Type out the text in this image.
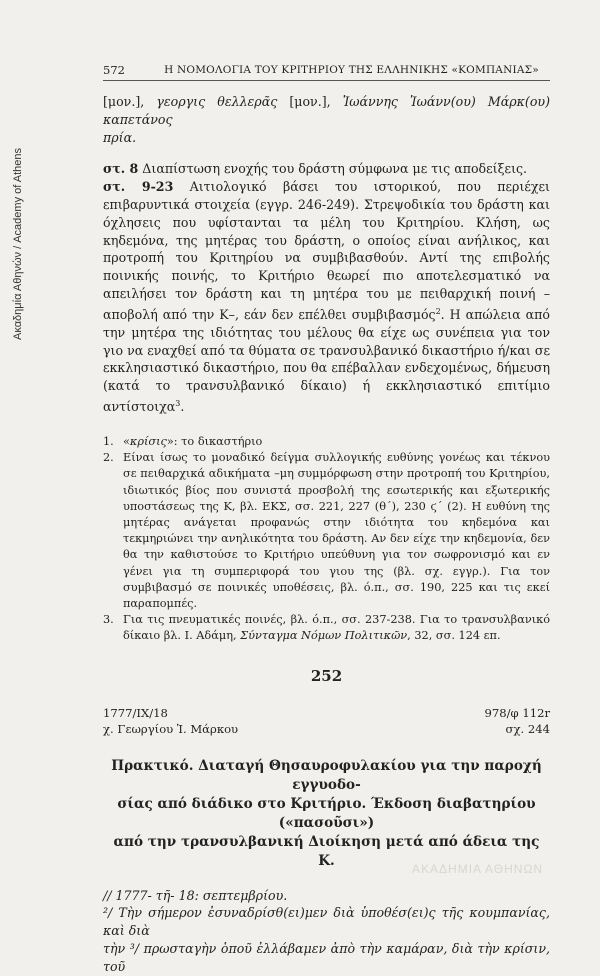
Ακαδημία Αθηνών / Academy of Athens
572	Η ΝΟΜΟΛΟΓΙΑ ΤΟΥ ΚΡΙΤΗΡΙΟΥ ΤΗΣ ΕΛΛΗΝΙΚΗΣ «ΚΟΜΠΑΝΙΑΣ»

[μον.], γεοργις θελλερᾶς [μον.], Ἰωάννης Ἰωάνν(ου) Μάρκ(ου) καπετάνος

πρία.

στ. 8 Διαπίστωση ενοχής του δράστη σύμφωνα με τις αποδείξεις.

στ. 9-23 Αιτιολογικό βάσει του ιστορικού, που περιέχει επιβαρυντικά στοιχεία (εγγρ. 246-249). Στρεψοδικία του δράστη και όχλησεις που υφίστανται τα μέλη του Κριτηρίου. Κλήση, ως κηδεμόνα, της μητέρας του δράστη, ο οποίος είναι ανήλικος, και προτροπή του Κριτηρίου να συμβιβασθούν. Αντί της επιβολής ποινικής ποινής, το Κριτήριο θεωρεί πιο αποτελεσματικό να απειλήσει τον δράστη και τη μητέρα του με πειθαρχική ποινή –αποβολή από την Κ–, εάν δεν επέλθει συμβιβασμός$^2$. Η απώλεια από την μητέρα της ιδιότητας του μέλους θα είχε ως συνέπεια για τον γιο να εναχθεί από τα θύματα σε τρανσυλβανικό δικαστήριο ή/και σε εκκλησιαστικό δικαστήριο, που θα επέβαλλαν ενδεχομένως, δήμευση (κατά το τρανσυλβανικό δίκαιο) ή εκκλησιαστικό επιτίμιο αντίστοιχα$^3$.

1. «κρίσις»: το δικαστήριο

2. Είναι ίσως το μοναδικό δείγμα συλλογικής ευθύνης γονέως και τέκνου σε πειθαρχικά αδικήματα –μη συμμόρφωση στην προτροπή του Κριτηρίου, ιδιωτικός βίος που συνιστά προσβολή της εσωτερικής και εξωτερικής υποστάσεως της Κ, βλ. ΕΚΣ, σσ. 221, 227 (θ΄), 230 ϛ΄ (2). Η ευθύνη της μητέρας ανάγεται προφανώς στην ιδιότητα του κηδεμόνα και τεκμηριώνει την ανηλικότητα του δράστη. Αν δεν είχε την κηδεμονία, δεν θα την καθιστούσε το Κριτήριο υπεύθυνη για τον σωφρονισμό και εν γένει για τη συμπεριφορά του γιου της (βλ. σχ. εγγρ.). Για τον συμβιβασμό σε ποινικές υποθέσεις, βλ. ό.π., σσ. 190, 225 και τις εκεί παραπομπές.

3. Για τις πνευματικές ποινές, βλ. ό.π., σσ. 237-238. Για το τρανσυλβανικό δίκαιο βλ. Ι. Αδάμη, Σύνταγμα Νόμων Πολιτικῶν, 32, σσ. 124 επ.

252

1777/IX/18	978/φ 112r
χ. Γεωργίου Ἰ. Μάρκου	σχ. 244

Πρακτικό. Διαταγή Θησαυροφυλακίου για την παροχή εγγυοδο-

σίας από διάδικο στο Κριτήριο. Έκδοση διαβατηρίου («πασοῦσι»)

από την τρανσυλβανική Διοίκηση μετά από άδεια της Κ.

// 1777- τῆ- 18: σεπτεμβρίου.

²/ Τὴν σήμερον ἐσυναδρίσθ(ει)μεν διὰ ὑποθέσ(ει)ς τῆς κουμπανίας, καὶ διὰ

τὴν ³/ πρωσταγὴν ὁποῦ ἐλλάβαμεν ἀπὸ τὴν καμάραν, διὰ τὴν κρίσιν, τοῦ

ΑΚΑΔΗΜΙΑ ΑΘΗΝΩΝ
